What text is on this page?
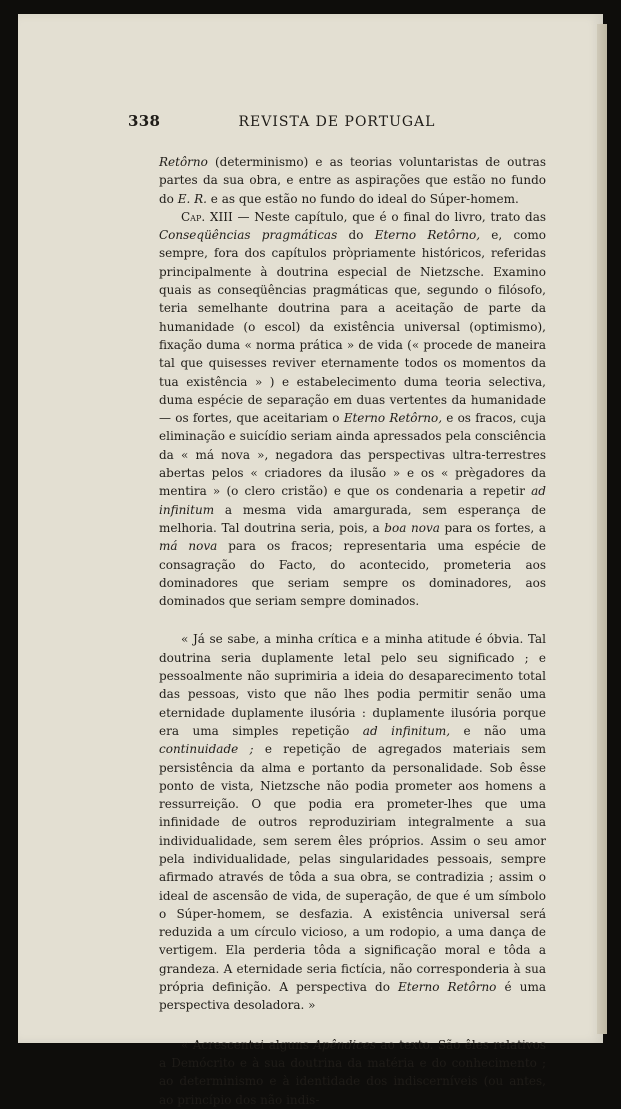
338	REVISTA DE PORTUGAL

Retôrno (determinismo) e as teorias voluntaristas de outras partes da sua obra, e entre as aspirações que estão no fundo do E. R. e as que estão no fundo do ideal do Súper-homem.

Cap. XIII — Neste capítulo, que é o final do livro, trato das Conseqüências pragmáticas do Eterno Retôrno, e, como sempre, fora dos capítulos pròpriamente históricos, referidas principalmente à doutrina especial de Nietzsche. Examino quais as conseqüências pragmáticas que, segundo o filósofo, teria semelhante doutrina para a aceitação de parte da humanidade (o escol) da existência universal (optimismo), fixação duma « norma prática » de vida (« procede de maneira tal que quisesses reviver eternamente todos os momentos da tua existência » ) e estabelecimento duma teoria selectiva, duma espécie de separação em duas vertentes da humanidade — os fortes, que aceitariam o Eterno Retôrno, e os fracos, cuja eliminação e suicídio seriam ainda apressados pela consciência da « má nova », negadora das perspectivas ultra-terrestres abertas pelos « criadores da ilusão » e os « prègadores da mentira » (o clero cristão) e que os condenaria a repetir ad infinitum a mesma vida amargurada, sem esperança de melhoria. Tal doutrina seria, pois, a boa nova para os fortes, a má nova para os fracos; representaria uma espécie de consagração do Facto, do acontecido, prometeria aos dominadores que seriam sempre os dominadores, aos dominados que seriam sempre dominados.

« Já se sabe, a minha crítica e a minha atitude é óbvia. Tal doutrina seria duplamente letal pelo seu significado ; e pessoalmente não suprimiria a ideia do desaparecimento total das pessoas, visto que não lhes podia permitir senão uma eternidade duplamente ilusória : duplamente ilusória porque era uma simples repetição ad infinitum, e não uma continuidade ; e repetição de agregados materiais sem persistência da alma e portanto da personalidade. Sob êsse ponto de vista, Nietzsche não podia prometer aos homens a ressurreição. O que podia era prometer-lhes que uma infinidade de outros reproduziriam integralmente a sua individualidade, sem serem êles próprios. Assim o seu amor pela individualidade, pelas singularidades pessoais, sempre afirmado através de tôda a sua obra, se contradizia ; assim o ideal de ascensão de vida, de superação, de que é um símbolo o Súper-homem, se desfazia. A existência universal será reduzida a um círculo vicioso, a um rodopio, a uma dança de vertigem. Ela perderia tôda a significação moral e tôda a grandeza. A eternidade seria fictícia, não corresponderia à sua própria definição. A perspectiva do Eterno Retôrno é uma perspectiva desoladora. »

« Acrescentei alguns Apêndices ao texto. São êles relativos a Demócrito e à sua doutrina da matéria e do conhecimento ; ao determinismo e à identidade dos indiscerníveis (ou antes, ao princípio dos não indis-
